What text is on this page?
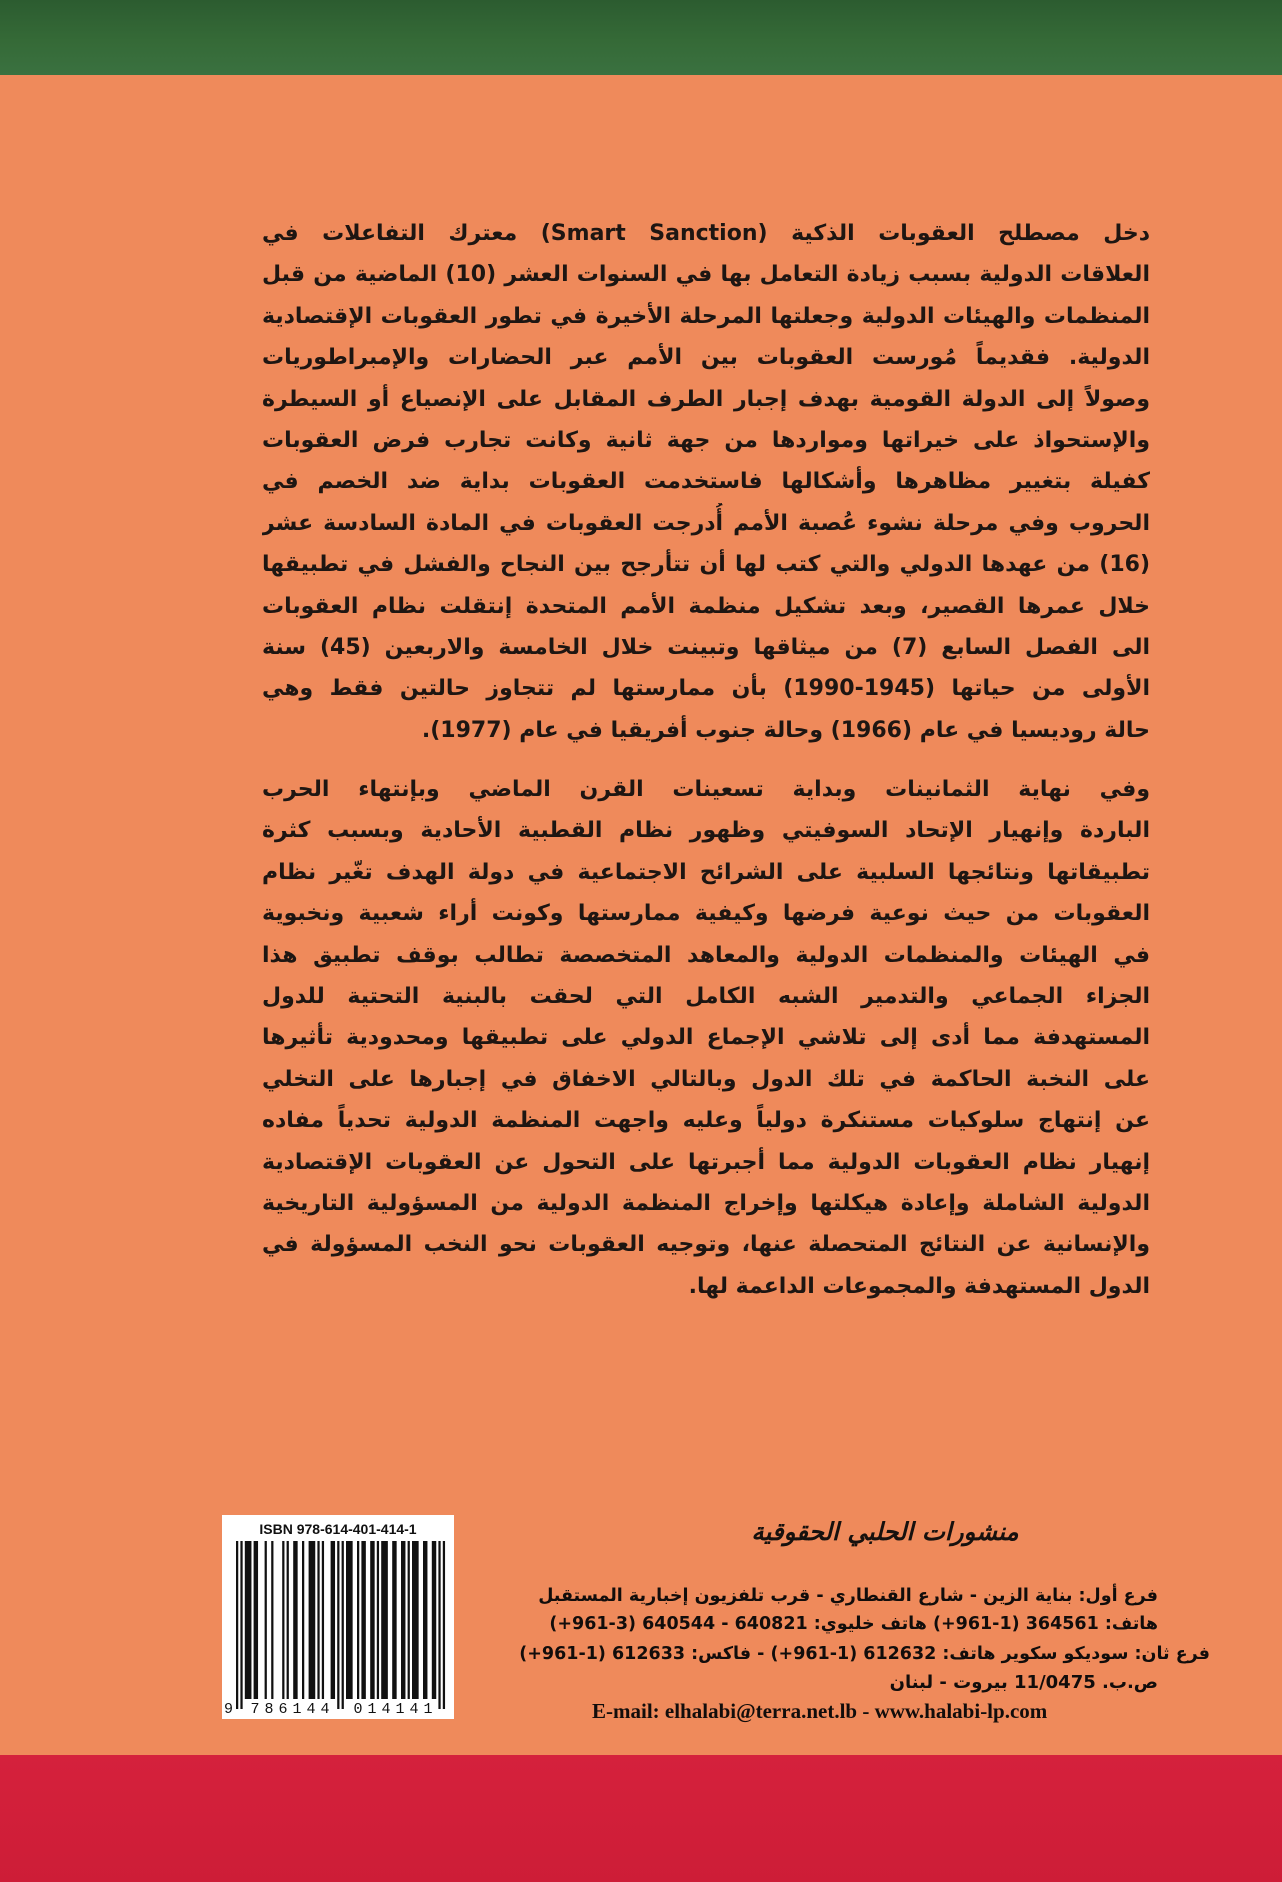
دخل مصطلح العقوبات الذكية (Smart Sanction) معترك التفاعلات في
العلاقات الدولية بسبب زيادة التعامل بها في السنوات العشر (10) الماضية من قبل
المنظمات والهيئات الدولية وجعلتها المرحلة الأخيرة في تطور العقوبات الإقتصادية
الدولية. فقديماً مُورست العقوبات بين الأمم عبر الحضارات والإمبراطوريات
وصولاً إلى الدولة القومية بهدف إجبار الطرف المقابل على الإنصياع أو السيطرة
والإستحواذ على خيراتها ومواردها من جهة ثانية وكانت تجارب فرض العقوبات
كفيلة بتغيير مظاهرها وأشكالها فاستخدمت العقوبات بداية ضد الخصم في
الحروب وفي مرحلة نشوء عُصبة الأمم أُدرجت العقوبات في المادة السادسة عشر
(16) من عهدها الدولي والتي كتب لها أن تتأرجح بين النجاح والفشل في تطبيقها
خلال عمرها القصير، وبعد تشكيل منظمة الأمم المتحدة إنتقلت نظام العقوبات
الى الفصل السابع (7) من ميثاقها وتبينت خلال الخامسة والاربعين (45) سنة
الأولى من حياتها (1945-1990) بأن ممارستها لم تتجاوز حالتين فقط وهي
حالة روديسيا في عام (1966) وحالة جنوب أفريقيا في عام (1977).
وفي نهاية الثمانينات وبداية تسعينات القرن الماضي وبإنتهاء الحرب
الباردة وإنهيار الإتحاد السوفيتي وظهور نظام القطبية الأحادية وبسبب كثرة
تطبيقاتها ونتائجها السلبية على الشرائح الاجتماعية في دولة الهدف تغّير نظام
العقوبات من حيث نوعية فرضها وكيفية ممارستها وكونت أراء شعبية ونخبوية
في الهيئات والمنظمات الدولية والمعاهد المتخصصة تطالب بوقف تطبيق هذا
الجزاء الجماعي والتدمير الشبه الكامل التي لحقت بالبنية التحتية للدول
المستهدفة مما أدى إلى تلاشي الإجماع الدولي على تطبيقها ومحدودية تأثيرها
على النخبة الحاكمة في تلك الدول وبالتالي الاخفاق في إجبارها على التخلي
عن إنتهاج سلوكيات مستنكرة دولياً وعليه واجهت المنظمة الدولية تحدياً مفاده
إنهيار نظام العقوبات الدولية مما أجبرتها على التحول عن العقوبات الإقتصادية
الدولية الشاملة وإعادة هيكلتها وإخراج المنظمة الدولية من المسؤولية التاريخية
والإنسانية عن النتائج المتحصلة عنها، وتوجيه العقوبات نحو النخب المسؤولة في
الدول المستهدفة والمجموعات الداعمة لها.
ISBN 978-614-401-414-1
9	786144	014141
منشورات الحلبي الحقوقية
فرع أول: بناية الزين - شارع القنطاري - قرب تلفزيون إخبارية المستقبل
هاتف: 364561 (1-961+) هاتف خليوي: 640821 - 640544 (3-961+)
فرع ثان: سوديكو سكوير هاتف: 612632 (1-961+) - فاكس: 612633 (1-961+)
ص.ب. 11/0475 بيروت - لبنان
E-mail: elhalabi@terra.net.lb - www.halabi-lp.com
